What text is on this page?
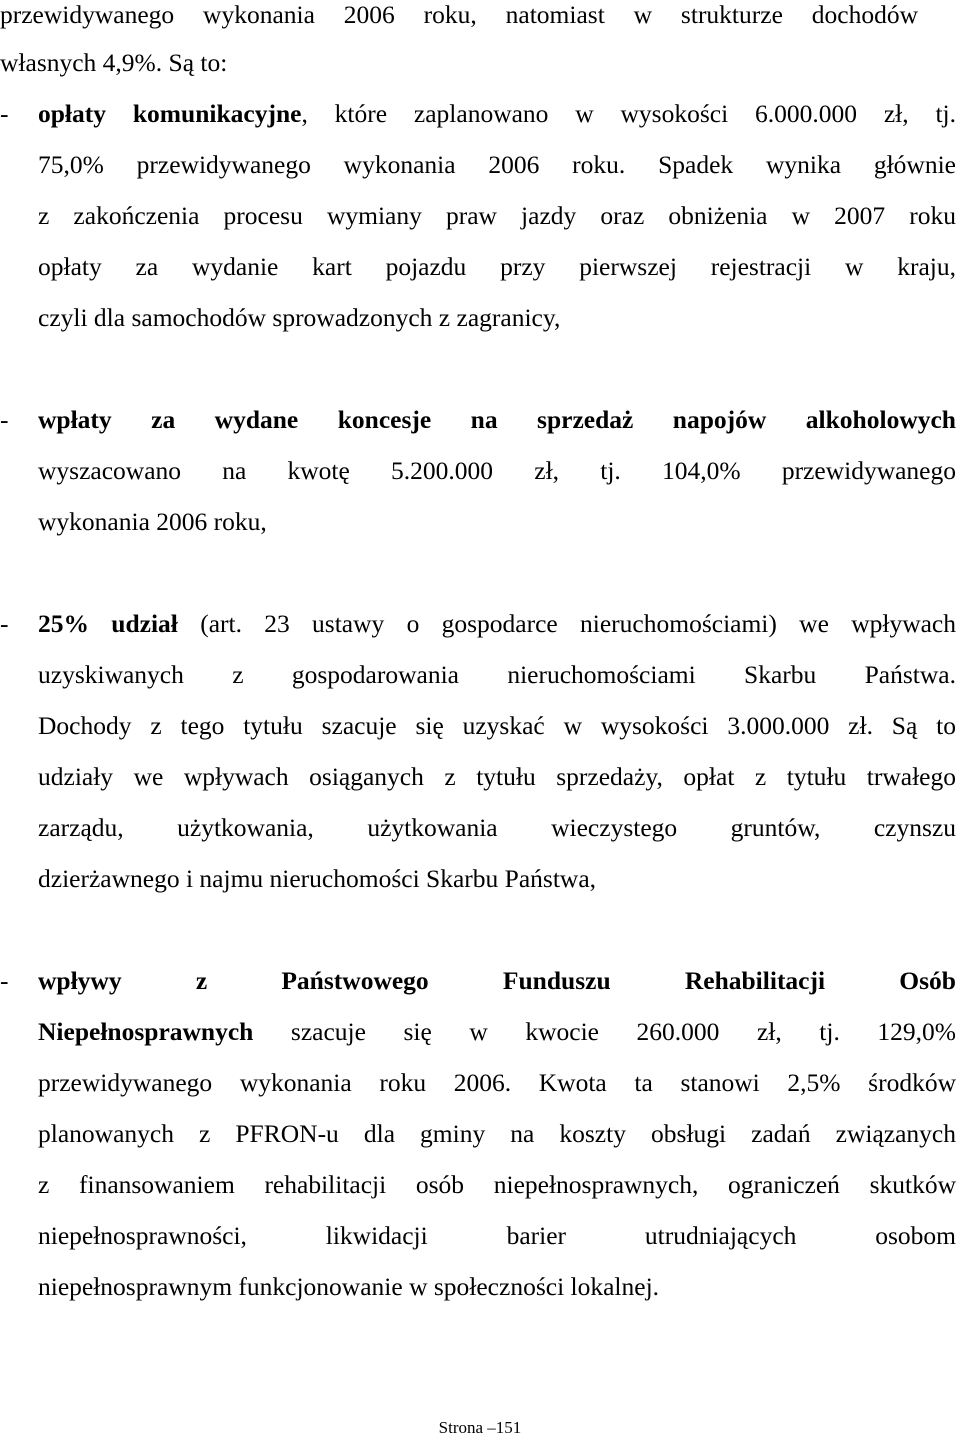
przewidywanego wykonania 2006 roku, natomiast w strukturze dochodów
własnych 4,9%. Są to:
- opłaty komunikacyjne, które zaplanowano w wysokości 6.000.000 zł, tj.
75,0% przewidywanego wykonania 2006 roku. Spadek wynika głównie
z zakończenia procesu wymiany praw jazdy oraz obniżenia w 2007 roku
opłaty za wydanie kart pojazdu przy pierwszej rejestracji w kraju,
czyli dla samochodów sprowadzonych z zagranicy,
- wpłaty za wydane koncesje na sprzedaż napojów alkoholowych
wyszacowano na kwotę 5.200.000 zł, tj. 104,0% przewidywanego
wykonania 2006 roku,
- 25% udział (art. 23 ustawy o gospodarce nieruchomościami) we wpływach
uzyskiwanych z gospodarowania nieruchomościami Skarbu Państwa.
Dochody z tego tytułu szacuje się uzyskać w wysokości 3.000.000 zł. Są to
udziały we wpływach osiąganych z tytułu sprzedaży, opłat z tytułu trwałego
zarządu, użytkowania, użytkowania wieczystego gruntów, czynszu
dzierżawnego i najmu nieruchomości Skarbu Państwa,
- wpływy z Państwowego Funduszu Rehabilitacji Osób
Niepełnosprawnych szacuje się w kwocie 260.000 zł, tj. 129,0%
przewidywanego wykonania roku 2006. Kwota ta stanowi 2,5% środków
planowanych z PFRON-u dla gminy na koszty obsługi zadań związanych
z finansowaniem rehabilitacji osób niepełnosprawnych, ograniczeń skutków
niepełnosprawności, likwidacji barier utrudniających osobom
niepełnosprawnym funkcjonowanie w społeczności lokalnej.
Strona –151
